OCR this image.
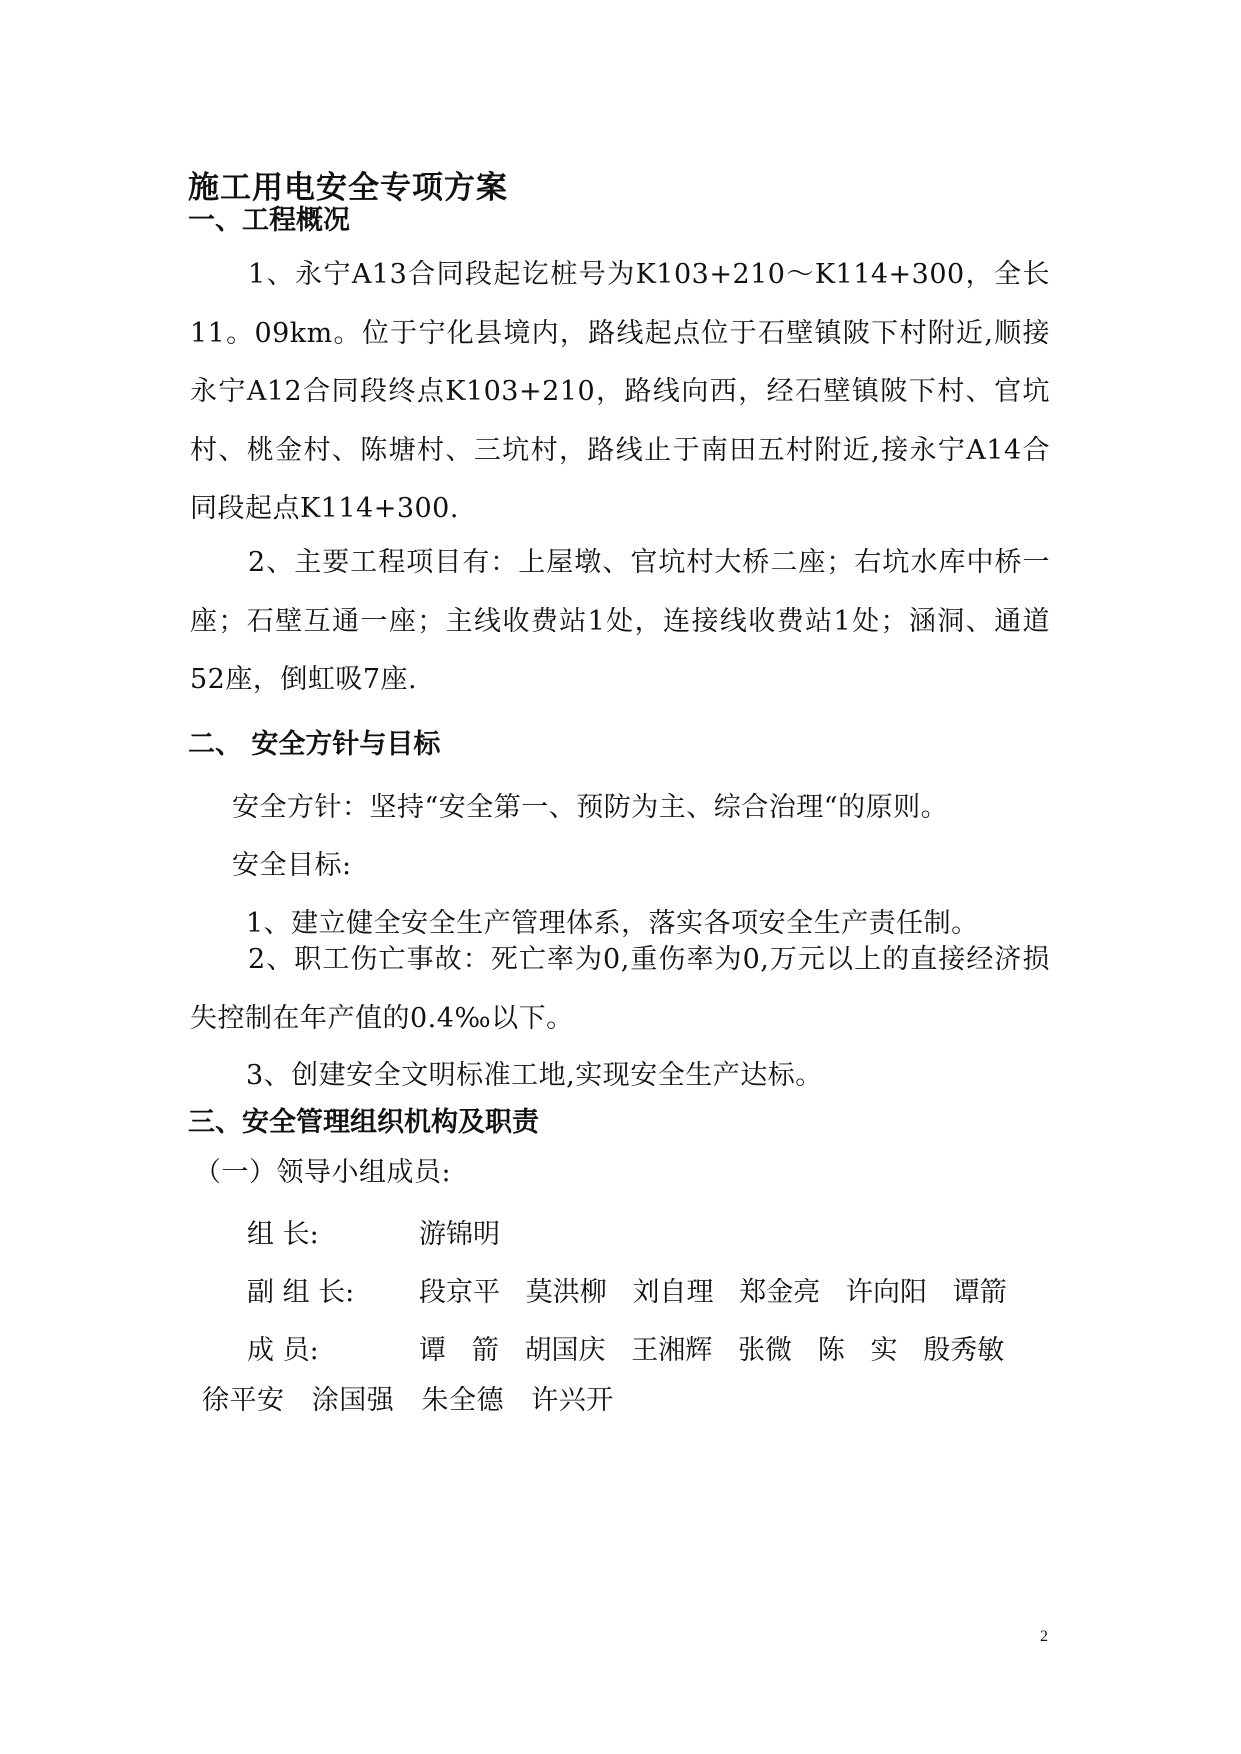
施工用电安全专项方案
一、工程概况

1、永宁A13合同段起讫桩号为K103+210～K114+300，全长11。09km。位于宁化县境内，路线起点位于石壁镇陂下村附近,顺接永宁A12合同段终点K103+210，路线向西，经石壁镇陂下村、官坑村、桃金村、陈塘村、三坑村，路线止于南田五村附近,接永宁A14合同段起点K114+300.

2、主要工程项目有：上屋墩、官坑村大桥二座；右坑水库中桥一座；石壁互通一座；主线收费站1处，连接线收费站1处；涵洞、通道52座，倒虹吸7座.

二、 安全方针与目标

安全方针：坚持“安全第一、预防为主、综合治理“的原则。

安全目标:

1、建立健全安全生产管理体系，落实各项安全生产责任制。

2、职工伤亡事故：死亡率为0,重伤率为0,万元以上的直接经济损失控制在年产值的0.4‰以下。

3、创建安全文明标准工地,实现安全生产达标。

三、安全管理组织机构及职责

（一）领导小组成员:

组 长:	游锦明
副 组 长:	段京平   莫洪柳   刘自理   郑金亮   许向阳   谭箭
成 员:	谭   箭   胡国庆   王湘辉   张微   陈   实   殷秀敏

徐平安   涂国强   朱全德   许兴开

2
